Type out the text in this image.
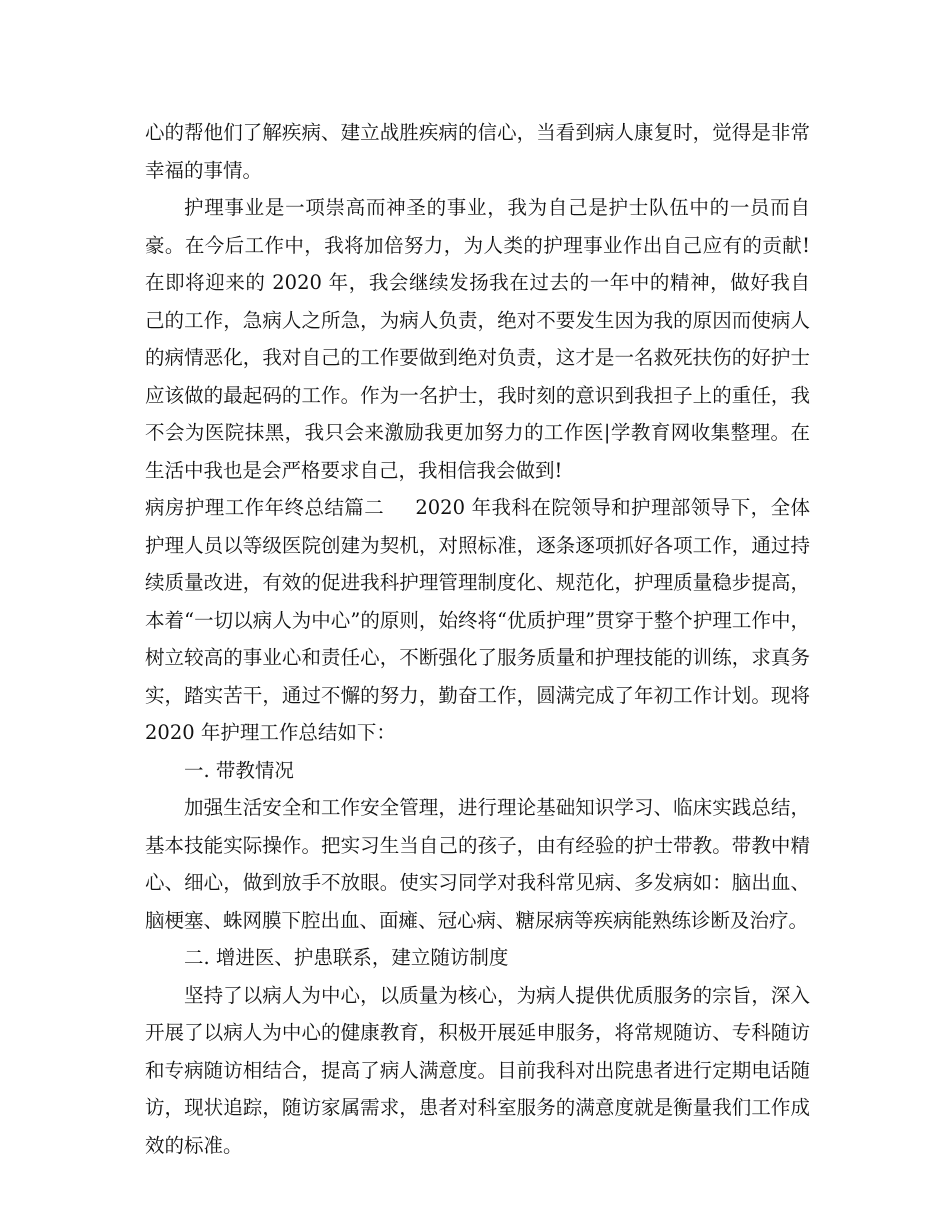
心的帮他们了解疾病、建立战胜疾病的信心，当看到病人康复时，觉得是非常幸福的事情。

护理事业是一项崇高而神圣的事业，我为自己是护士队伍中的一员而自豪。在今后工作中，我将加倍努力，为人类的护理事业作出自己应有的贡献!在即将迎来的 2020 年，我会继续发扬我在过去的一年中的精神，做好我自己的工作，急病人之所急，为病人负责，绝对不要发生因为我的原因而使病人的病情恶化，我对自己的工作要做到绝对负责，这才是一名救死扶伤的好护士应该做的最起码的工作。作为一名护士，我时刻的意识到我担子上的重任，我不会为医院抹黑，我只会来激励我更加努力的工作医|学教育网收集整理。在生活中我也是会严格要求自己，我相信我会做到!

病房护理工作年终总结篇二 2020 年我科在院领导和护理部领导下，全体护理人员以等级医院创建为契机，对照标准，逐条逐项抓好各项工作，通过持续质量改进，有效的促进我科护理管理制度化、规范化，护理质量稳步提高，本着“一切以病人为中心”的原则，始终将“优质护理”贯穿于整个护理工作中，树立较高的事业心和责任心，不断强化了服务质量和护理技能的训练，求真务实，踏实苦干，通过不懈的努力，勤奋工作，圆满完成了年初工作计划。现将 2020 年护理工作总结如下：

一. 带教情况

加强生活安全和工作安全管理，进行理论基础知识学习、临床实践总结，基本技能实际操作。把实习生当自己的孩子，由有经验的护士带教。带教中精心、细心，做到放手不放眼。使实习同学对我科常见病、多发病如：脑出血、脑梗塞、蛛网膜下腔出血、面瘫、冠心病、糖尿病等疾病能熟练诊断及治疗。

二. 增进医、护患联系，建立随访制度

坚持了以病人为中心，以质量为核心，为病人提供优质服务的宗旨，深入开展了以病人为中心的健康教育，积极开展延申服务，将常规随访、专科随访和专病随访相结合，提高了病人满意度。目前我科对出院患者进行定期电话随访，现状追踪，随访家属需求，患者对科室服务的满意度就是衡量我们工作成效的标准。
